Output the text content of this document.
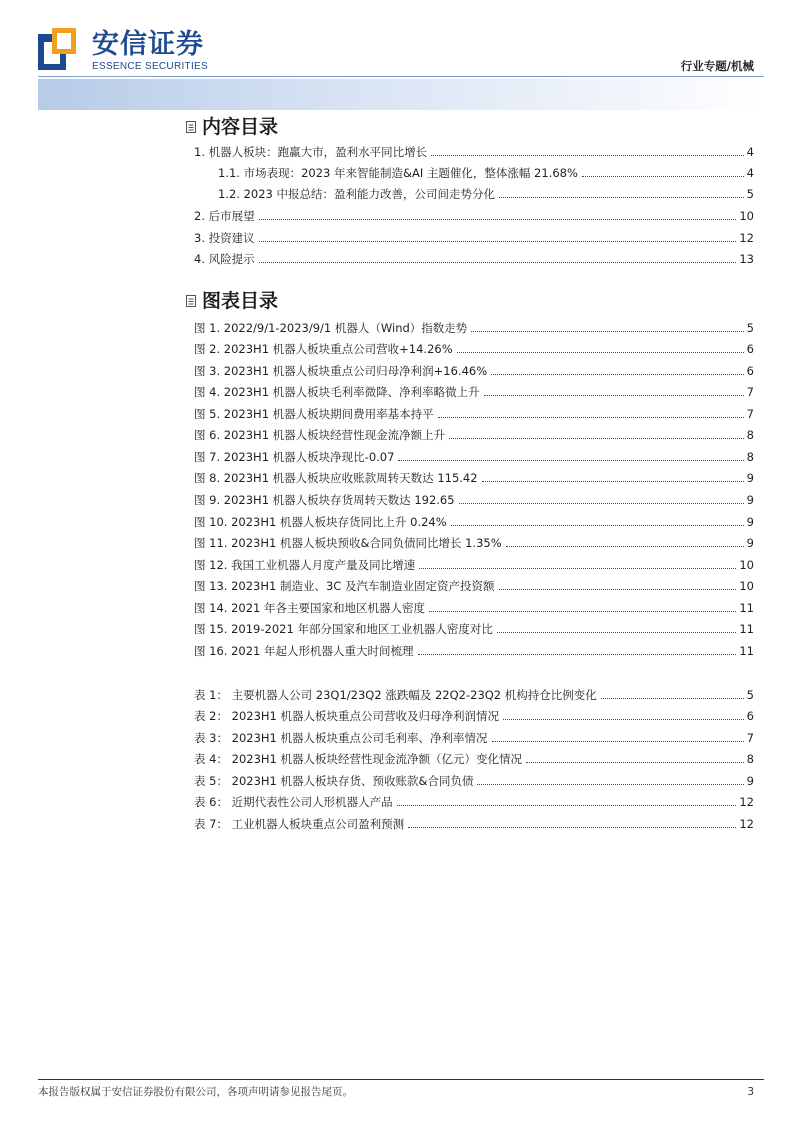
安信证券
ESSENCE SECURITIES	行业专题/机械
内容目录
1. 机器人板块：跑赢大市，盈利水平同比增长	4
1.1. 市场表现：2023 年来智能制造&AI 主题催化，整体涨幅 21.68%	4
1.2. 2023 中报总结：盈利能力改善，公司间走势分化	5
2. 后市展望	10
3. 投资建议	12
4. 风险提示	13
图表目录
图 1. 2022/9/1-2023/9/1 机器人（Wind）指数走势	5
图 2. 2023H1 机器人板块重点公司营收+14.26%	6
图 3. 2023H1 机器人板块重点公司归母净利润+16.46%	6
图 4. 2023H1 机器人板块毛利率微降、净利率略微上升	7
图 5. 2023H1 机器人板块期间费用率基本持平	7
图 6. 2023H1 机器人板块经营性现金流净额上升	8
图 7. 2023H1 机器人板块净现比-0.07	8
图 8. 2023H1 机器人板块应收账款周转天数达 115.42	9
图 9. 2023H1 机器人板块存货周转天数达 192.65	9
图 10. 2023H1 机器人板块存货同比上升 0.24%	9
图 11. 2023H1 机器人板块预收&合同负债同比增长 1.35%	9
图 12. 我国工业机器人月度产量及同比增速	10
图 13. 2023H1 制造业、3C 及汽车制造业固定资产投资额	10
图 14. 2021 年各主要国家和地区机器人密度	11
图 15. 2019-2021 年部分国家和地区工业机器人密度对比	11
图 16. 2021 年起人形机器人重大时间梳理	11
表 1： 主要机器人公司 23Q1/23Q2 涨跌幅及 22Q2-23Q2 机构持仓比例变化	5
表 2： 2023H1 机器人板块重点公司营收及归母净利润情况	6
表 3： 2023H1 机器人板块重点公司毛利率、净利率情况	7
表 4： 2023H1 机器人板块经营性现金流净额（亿元）变化情况	8
表 5： 2023H1 机器人板块存货、预收账款&合同负债	9
表 6： 近期代表性公司人形机器人产品	12
表 7： 工业机器人板块重点公司盈利预测	12
本报告版权属于安信证券股份有限公司，各项声明请参见报告尾页。	3
